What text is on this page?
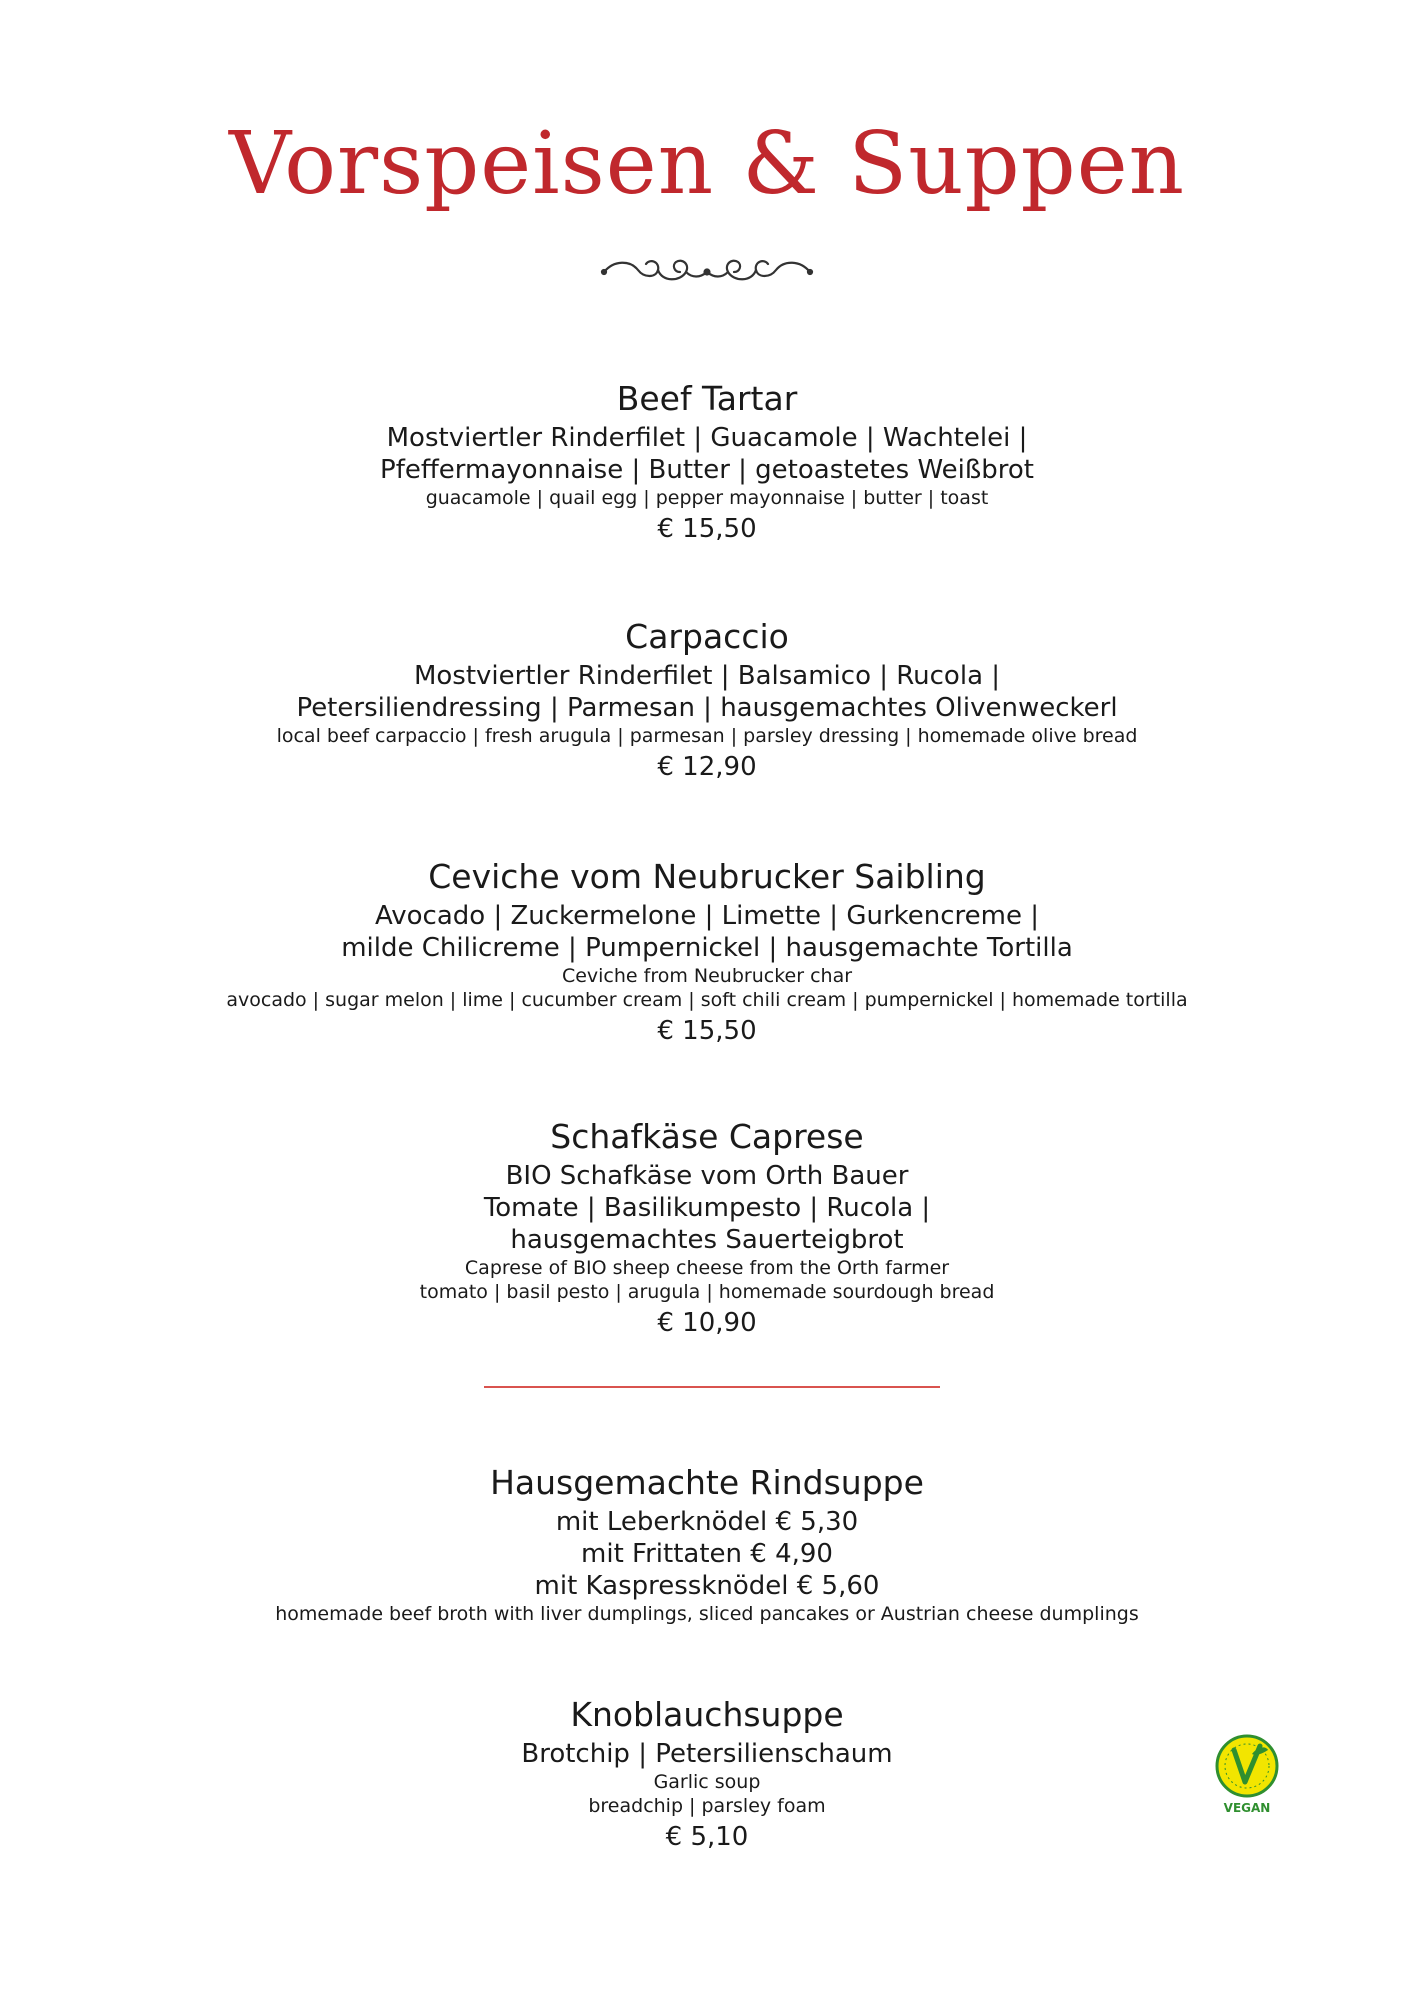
Vorspeisen & Suppen
Beef Tartar
Mostviertler Rinderfilet | Guacamole | Wachtelei |
Pfeffermayonnaise | Butter | getoastetes Weißbrot
guacamole | quail egg | pepper mayonnaise | butter | toast
€ 15,50
Carpaccio
Mostviertler Rinderfilet | Balsamico | Rucola |
Petersiliendressing | Parmesan | hausgemachtes Olivenweckerl
local beef carpaccio | fresh arugula | parmesan | parsley dressing | homemade olive bread
€ 12,90
Ceviche vom Neubrucker Saibling
Avocado | Zuckermelone | Limette | Gurkencreme |
milde Chilicreme | Pumpernickel | hausgemachte Tortilla
Ceviche from Neubrucker char
avocado | sugar melon | lime | cucumber cream | soft chili cream | pumpernickel | homemade tortilla
€ 15,50
Schafkäse Caprese
BIO Schafkäse vom Orth Bauer
Tomate | Basilikumpesto | Rucola |
hausgemachtes Sauerteigbrot
Caprese of BIO sheep cheese from the Orth farmer
tomato | basil pesto | arugula | homemade sourdough bread
€ 10,90
Hausgemachte Rindsuppe
mit Leberknödel € 5,30
mit Frittaten € 4,90
mit Kaspressknödel € 5,60
homemade beef broth with liver dumplings, sliced pancakes or Austrian cheese dumplings
Knoblauchsuppe
Brotchip | Petersilienschaum
Garlic soup
breadchip | parsley foam
€ 5,10
VEGAN
